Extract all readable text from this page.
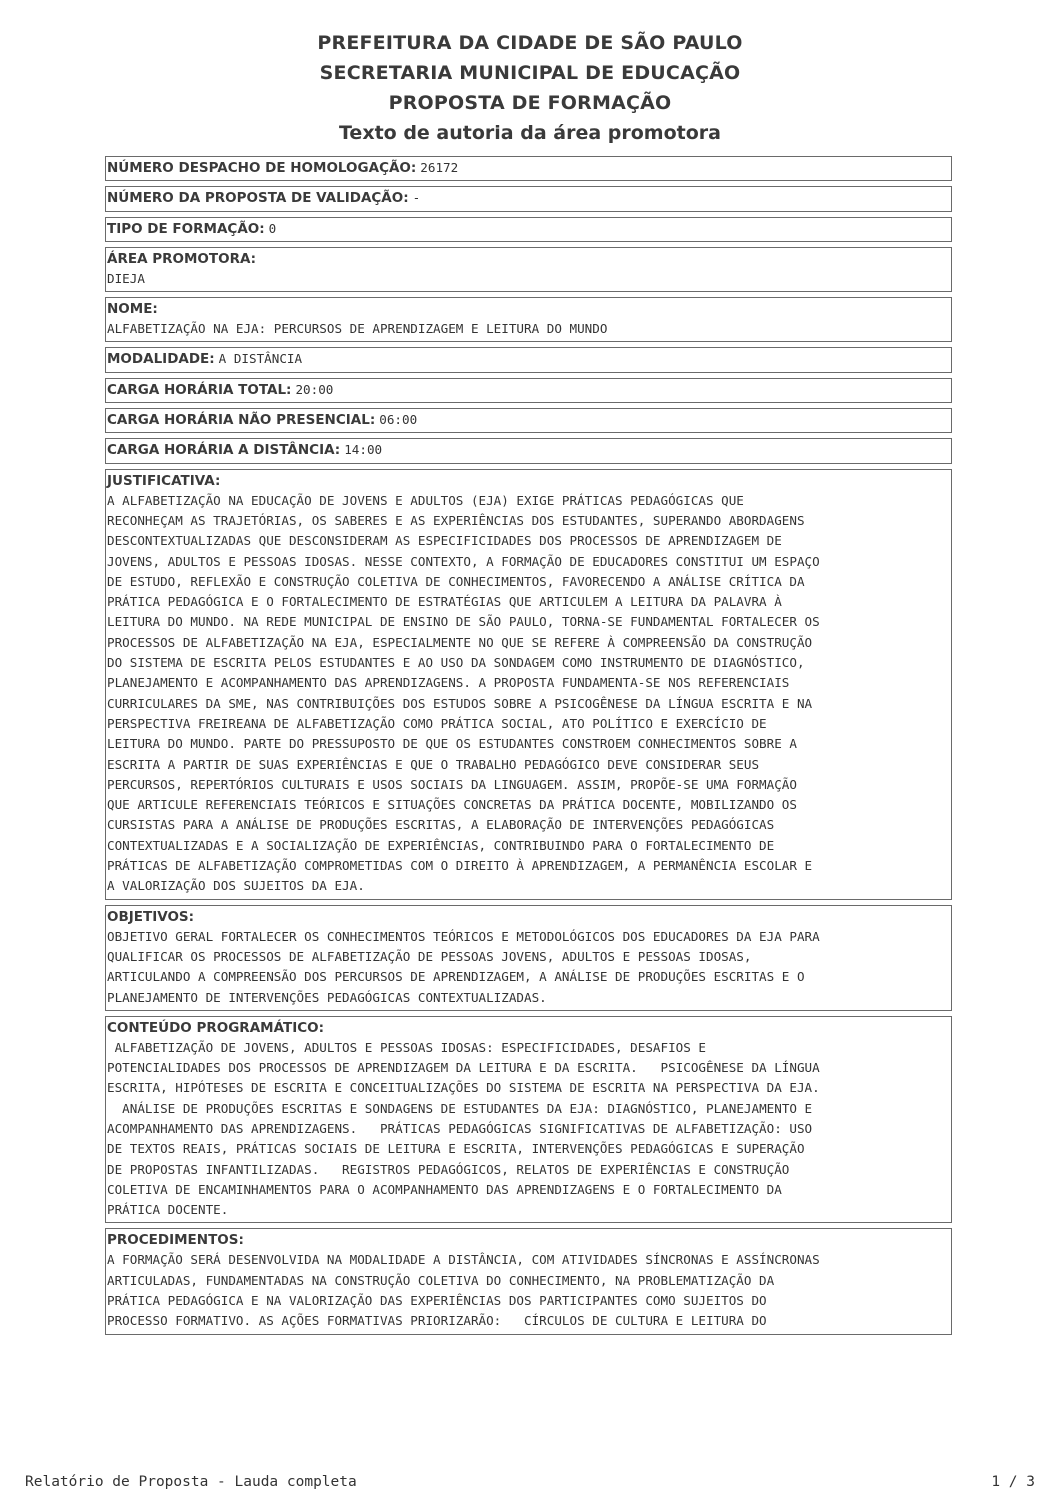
PREFEITURA DA CIDADE DE SÃO PAULO
SECRETARIA MUNICIPAL DE EDUCAÇÃO
PROPOSTA DE FORMAÇÃO
Texto de autoria da área promotora
NÚMERO DESPACHO DE HOMOLOGAÇÃO: 26172
NÚMERO DA PROPOSTA DE VALIDAÇÃO: -
TIPO DE FORMAÇÃO: 0
ÁREA PROMOTORA:
DIEJA
NOME:
ALFABETIZAÇÃO NA EJA: PERCURSOS DE APRENDIZAGEM E LEITURA DO MUNDO
MODALIDADE: A DISTÂNCIA
CARGA HORÁRIA TOTAL: 20:00
CARGA HORÁRIA NÃO PRESENCIAL: 06:00
CARGA HORÁRIA A DISTÂNCIA: 14:00
JUSTIFICATIVA:
A ALFABETIZAÇÃO NA EDUCAÇÃO DE JOVENS E ADULTOS (EJA) EXIGE PRÁTICAS PEDAGÓGICAS QUE
RECONHEÇAM AS TRAJETÓRIAS, OS SABERES E AS EXPERIÊNCIAS DOS ESTUDANTES, SUPERANDO ABORDAGENS
DESCONTEXTUALIZADAS QUE DESCONSIDERAM AS ESPECIFICIDADES DOS PROCESSOS DE APRENDIZAGEM DE
JOVENS, ADULTOS E PESSOAS IDOSAS. NESSE CONTEXTO, A FORMAÇÃO DE EDUCADORES CONSTITUI UM ESPAÇO
DE ESTUDO, REFLEXÃO E CONSTRUÇÃO COLETIVA DE CONHECIMENTOS, FAVORECENDO A ANÁLISE CRÍTICA DA
PRÁTICA PEDAGÓGICA E O FORTALECIMENTO DE ESTRATÉGIAS QUE ARTICULEM A LEITURA DA PALAVRA À
LEITURA DO MUNDO. NA REDE MUNICIPAL DE ENSINO DE SÃO PAULO, TORNA-SE FUNDAMENTAL FORTALECER OS
PROCESSOS DE ALFABETIZAÇÃO NA EJA, ESPECIALMENTE NO QUE SE REFERE À COMPREENSÃO DA CONSTRUÇÃO
DO SISTEMA DE ESCRITA PELOS ESTUDANTES E AO USO DA SONDAGEM COMO INSTRUMENTO DE DIAGNÓSTICO,
PLANEJAMENTO E ACOMPANHAMENTO DAS APRENDIZAGENS. A PROPOSTA FUNDAMENTA-SE NOS REFERENCIAIS
CURRICULARES DA SME, NAS CONTRIBUIÇÕES DOS ESTUDOS SOBRE A PSICOGÊNESE DA LÍNGUA ESCRITA E NA
PERSPECTIVA FREIREANA DE ALFABETIZAÇÃO COMO PRÁTICA SOCIAL, ATO POLÍTICO E EXERCÍCIO DE
LEITURA DO MUNDO. PARTE DO PRESSUPOSTO DE QUE OS ESTUDANTES CONSTROEM CONHECIMENTOS SOBRE A
ESCRITA A PARTIR DE SUAS EXPERIÊNCIAS E QUE O TRABALHO PEDAGÓGICO DEVE CONSIDERAR SEUS
PERCURSOS, REPERTÓRIOS CULTURAIS E USOS SOCIAIS DA LINGUAGEM. ASSIM, PROPÕE-SE UMA FORMAÇÃO
QUE ARTICULE REFERENCIAIS TEÓRICOS E SITUAÇÕES CONCRETAS DA PRÁTICA DOCENTE, MOBILIZANDO OS
CURSISTAS PARA A ANÁLISE DE PRODUÇÕES ESCRITAS, A ELABORAÇÃO DE INTERVENÇÕES PEDAGÓGICAS
CONTEXTUALIZADAS E A SOCIALIZAÇÃO DE EXPERIÊNCIAS, CONTRIBUINDO PARA O FORTALECIMENTO DE
PRÁTICAS DE ALFABETIZAÇÃO COMPROMETIDAS COM O DIREITO À APRENDIZAGEM, A PERMANÊNCIA ESCOLAR E
A VALORIZAÇÃO DOS SUJEITOS DA EJA.
OBJETIVOS:
OBJETIVO GERAL FORTALECER OS CONHECIMENTOS TEÓRICOS E METODOLÓGICOS DOS EDUCADORES DA EJA PARA
QUALIFICAR OS PROCESSOS DE ALFABETIZAÇÃO DE PESSOAS JOVENS, ADULTOS E PESSOAS IDOSAS,
ARTICULANDO A COMPREENSÃO DOS PERCURSOS DE APRENDIZAGEM, A ANÁLISE DE PRODUÇÕES ESCRITAS E O
PLANEJAMENTO DE INTERVENÇÕES PEDAGÓGICAS CONTEXTUALIZADAS.
CONTEÚDO PROGRAMÁTICO:
ALFABETIZAÇÃO DE JOVENS, ADULTOS E PESSOAS IDOSAS: ESPECIFICIDADES, DESAFIOS E
POTENCIALIDADES DOS PROCESSOS DE APRENDIZAGEM DA LEITURA E DA ESCRITA.   PSICOGÊNESE DA LÍNGUA
ESCRITA, HIPÓTESES DE ESCRITA E CONCEITUALIZAÇÕES DO SISTEMA DE ESCRITA NA PERSPECTIVA DA EJA.
ANÁLISE DE PRODUÇÕES ESCRITAS E SONDAGENS DE ESTUDANTES DA EJA: DIAGNÓSTICO, PLANEJAMENTO E
ACOMPANHAMENTO DAS APRENDIZAGENS.   PRÁTICAS PEDAGÓGICAS SIGNIFICATIVAS DE ALFABETIZAÇÃO: USO
DE TEXTOS REAIS, PRÁTICAS SOCIAIS DE LEITURA E ESCRITA, INTERVENÇÕES PEDAGÓGICAS E SUPERAÇÃO
DE PROPOSTAS INFANTILIZADAS.   REGISTROS PEDAGÓGICOS, RELATOS DE EXPERIÊNCIAS E CONSTRUÇÃO
COLETIVA DE ENCAMINHAMENTOS PARA O ACOMPANHAMENTO DAS APRENDIZAGENS E O FORTALECIMENTO DA
PRÁTICA DOCENTE.
PROCEDIMENTOS:
A FORMAÇÃO SERÁ DESENVOLVIDA NA MODALIDADE A DISTÂNCIA, COM ATIVIDADES SÍNCRONAS E ASSÍNCRONAS
ARTICULADAS, FUNDAMENTADAS NA CONSTRUÇÃO COLETIVA DO CONHECIMENTO, NA PROBLEMATIZAÇÃO DA
PRÁTICA PEDAGÓGICA E NA VALORIZAÇÃO DAS EXPERIÊNCIAS DOS PARTICIPANTES COMO SUJEITOS DO
PROCESSO FORMATIVO. AS AÇÕES FORMATIVAS PRIORIZARÃO:   CÍRCULOS DE CULTURA E LEITURA DO
Relatório de Proposta - Lauda completa	1 / 3
